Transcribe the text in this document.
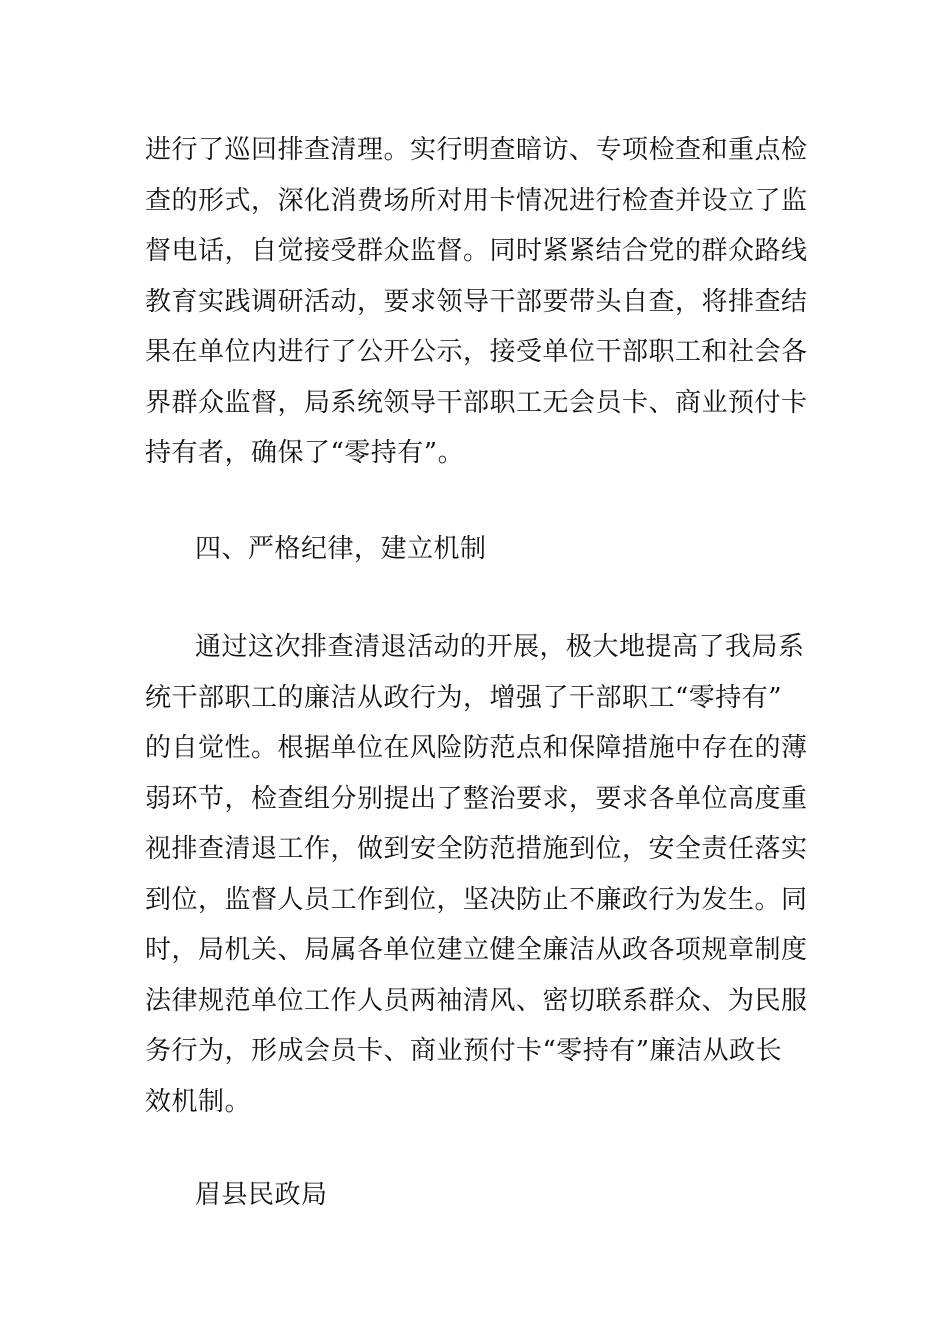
进行了巡回排查清理。实行明查暗访、专项检查和重点检
查的形式，深化消费场所对用卡情况进行检查并设立了监
督电话，自觉接受群众监督。同时紧紧结合党的群众路线
教育实践调研活动，要求领导干部要带头自查，将排查结
果在单位内进行了公开公示，接受单位干部职工和社会各
界群众监督，局系统领导干部职工无会员卡、商业预付卡
持有者，确保了“零持有”。
四、严格纪律，建立机制
通过这次排查清退活动的开展，极大地提高了我局系
统干部职工的廉洁从政行为，增强了干部职工“零持有”
的自觉性。根据单位在风险防范点和保障措施中存在的薄
弱环节，检查组分别提出了整治要求，要求各单位高度重
视排查清退工作，做到安全防范措施到位，安全责任落实
到位，监督人员工作到位，坚决防止不廉政行为发生。同
时，局机关、局属各单位建立健全廉洁从政各项规章制度
法律规范单位工作人员两袖清风、密切联系群众、为民服
务行为，形成会员卡、商业预付卡“零持有”廉洁从政长
效机制。
眉县民政局
